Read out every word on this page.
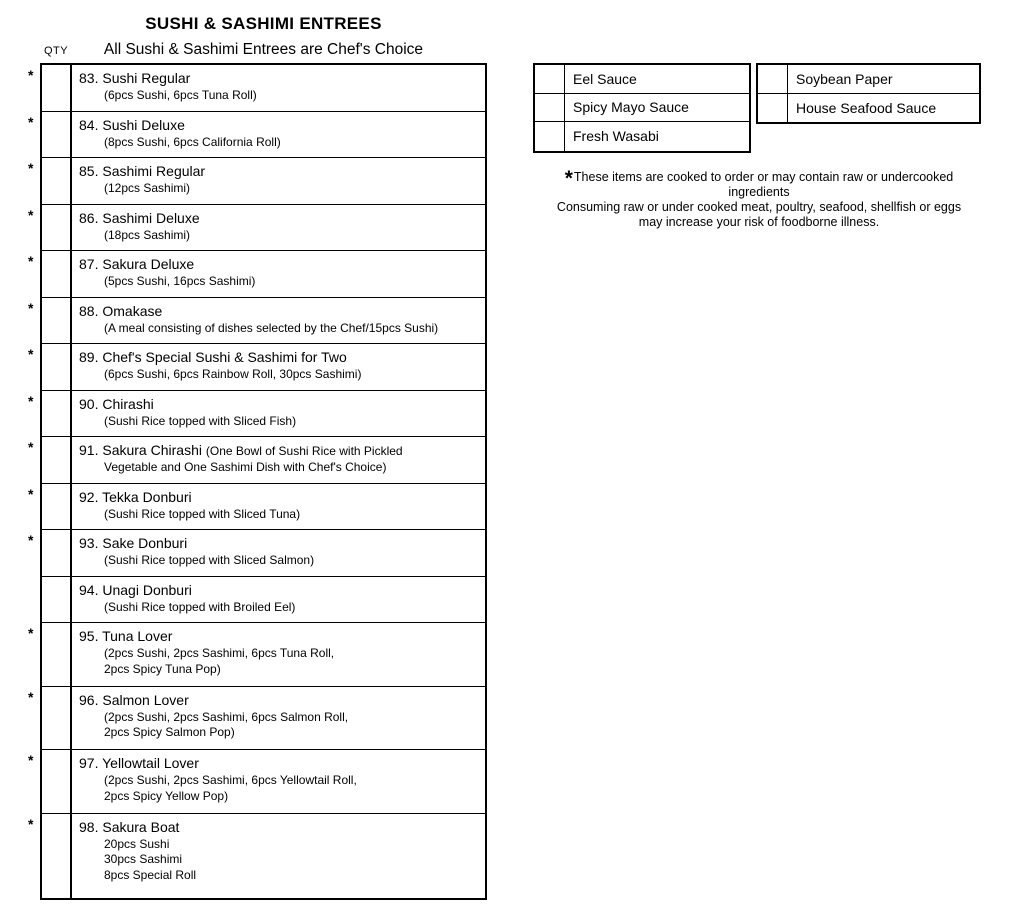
SUSHI & SASHIMI ENTREES
All Sushi & Sashimi Entrees are Chef's Choice
QTY
*	83. Sushi Regular
(6pcs Sushi, 6pcs Tuna Roll)
*	84. Sushi Deluxe
(8pcs Sushi, 6pcs California Roll)
*	85. Sashimi Regular
(12pcs Sashimi)
*	86. Sashimi Deluxe
(18pcs Sashimi)
*	87. Sakura Deluxe
(5pcs Sushi, 16pcs Sashimi)
*	88. Omakase
(A meal consisting of dishes selected by the Chef/15pcs Sushi)
*	89. Chef's Special Sushi & Sashimi for Two
(6pcs Sushi, 6pcs Rainbow Roll, 30pcs Sashimi)
*	90. Chirashi
(Sushi Rice topped with Sliced Fish)
*	91. Sakura Chirashi (One Bowl of Sushi Rice with Pickled
Vegetable and One Sashimi Dish with Chef's Choice)
*	92. Tekka Donburi
(Sushi Rice topped with Sliced Tuna)
*	93. Sake Donburi
(Sushi Rice topped with Sliced Salmon)
94. Unagi Donburi
(Sushi Rice topped with Broiled Eel)
*	95. Tuna Lover
(2pcs Sushi, 2pcs Sashimi, 6pcs Tuna Roll,
2pcs Spicy Tuna Pop)
*	96. Salmon Lover
(2pcs Sushi, 2pcs Sashimi, 6pcs Salmon Roll,
2pcs Spicy Salmon Pop)
*	97. Yellowtail Lover
(2pcs Sushi, 2pcs Sashimi, 6pcs Yellowtail Roll,
2pcs Spicy Yellow Pop)
*	98. Sakura Boat
20pcs Sushi
30pcs Sashimi
8pcs Special Roll
Eel Sauce
Spicy Mayo Sauce
Fresh Wasabi
Soybean Paper
House Seafood Sauce
*These items are cooked to order or may contain raw or undercooked ingredients
Consuming raw or under cooked meat, poultry, seafood, shellfish or eggs
may increase your risk of foodborne illness.
